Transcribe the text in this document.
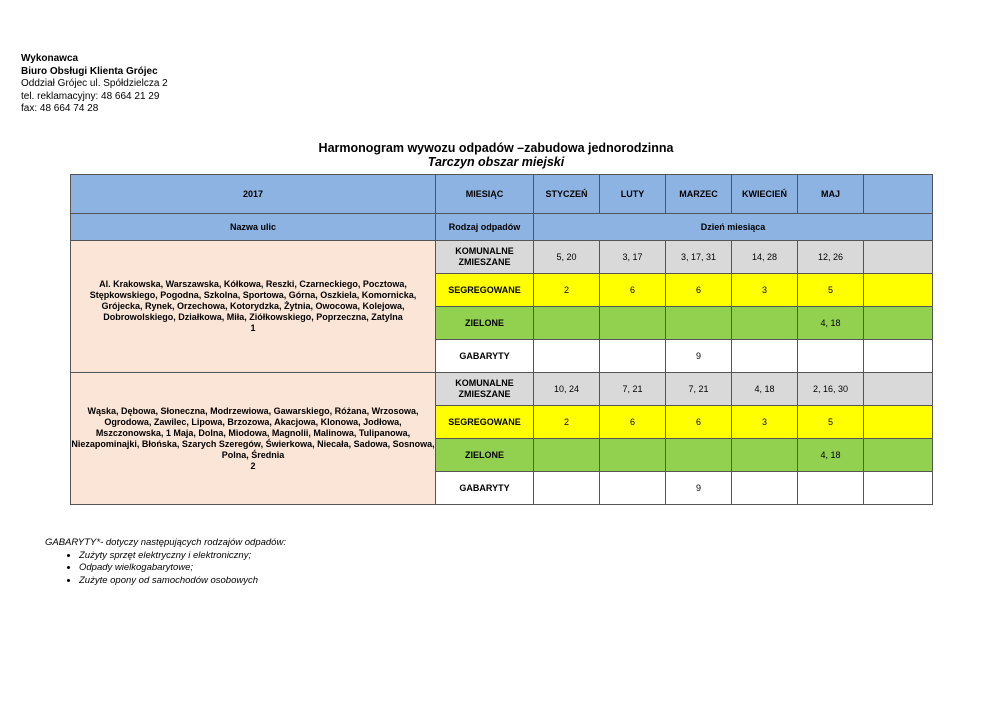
Wykonawca
Biuro Obsługi Klienta Grójec
Oddział Grójec ul. Spółdzielcza 2
tel. reklamacyjny: 48 664 21 29
fax: 48 664 74 28
Harmonogram wywozu odpadów –zabudowa jednorodzinna
Tarczyn obszar miejski
2017	MIESIĄC	STYCZEŃ	LUTY	MARZEC	KWIECIEŃ	MAJ	
Nazwa ulic	Rodzaj odpadów	Dzień miesiąca					

Al. Krakowska, Warszawska, Kółkowa, Reszki, Czarneckiego, Pocztowa, Stępkowskiego, Pogodna, Szkolna, Sportowa, Górna, Oszkiela, Komornicka, Grójecka, Rynek, Orzechowa, Kotorydzka, Żytnia, Owocowa, Kolejowa, Dobrowolskiego, Działkowa, Miła, Ziółkowskiego, Poprzeczna, Zatylna
1	KOMUNALNE ZMIESZANE	5, 20	3, 17	3, 17, 31	14, 28	12, 26	
	SEGREGOWANE	2	6	6	3	5	
	ZIELONE					4, 18	
	GABARYTY			9			

Wąska, Dębowa, Słoneczna, Modrzewiowa, Gawarskiego, Różana, Wrzosowa, Ogrodowa, Zawilec, Lipowa, Brzozowa, Akacjowa, Klonowa, Jodłowa, Mszczonowska, 1 Maja, Dolna, Miodowa, Magnolii, Malinowa, Tulipanowa, Niezapominajki, Błońska, Szarych Szeregów, Świerkowa, Niecała, Sadowa, Sosnowa, Polna, Średnia
2	KOMUNALNE ZMIESZANE	10, 24	7, 21	7, 21	4, 18	2, 16, 30	
	SEGREGOWANE	2	6	6	3	5	
	ZIELONE					4, 18	
	GABARYTY			9			
GABARYTY*- dotyczy następujących rodzajów odpadów:
• Zużyty sprzęt elektryczny i elektroniczny;
• Odpady wielkogabarytowe;
• Zużyte opony od samochodów osobowych
